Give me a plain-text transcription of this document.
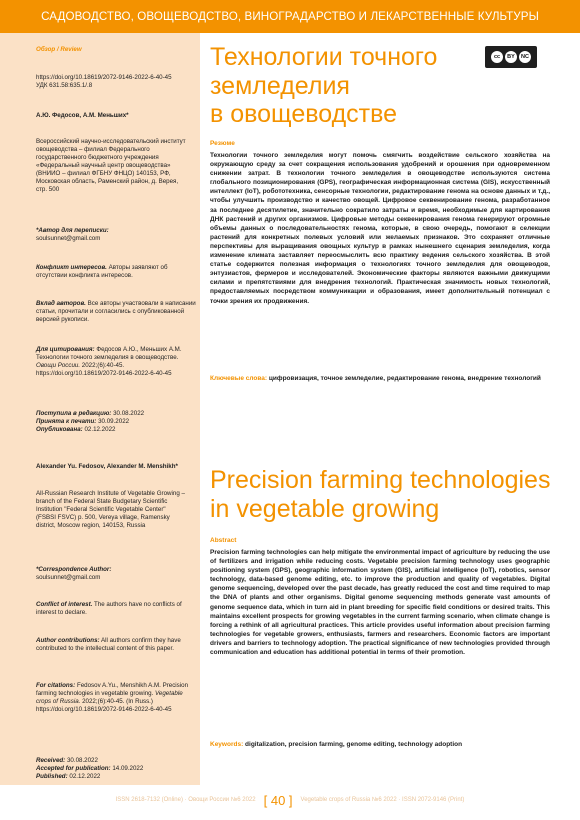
САДОВОДСТВО, ОВОЩЕВОДСТВО, ВИНОГРАДАРСТВО И ЛЕКАРСТВЕННЫЕ КУЛЬТУРЫ
Обзор / Review
https://doi.org/10.18619/2072-9146-2022-6-40-45
УДК 631.58:635.1/.8
А.Ю. Федосов, А.М. Меньших*
Всероссийский научно-исследовательский институт овощеводства – филиал Федерального государственного бюджетного учреждения «Федеральный научный центр овощеводства» (ВНИИО – филиал ФГБНУ ФНЦО) 140153, РФ, Московская область, Раменский район, д. Верея, стр. 500
*Автор для переписки:
soulsunnet@gmail.com
Конфликт интересов. Авторы заявляют об отсутствии конфликта интересов.
Вклад авторов. Все авторы участвовали в написании статьи, прочитали и согласились с опубликованной версией рукописи.
Для цитирования: Федосов А.Ю., Меньших А.М. Технологии точного земледелия в овощеводстве. Овощи России. 2022;(6):40-45. https://doi.org/10.18619/2072-9146-2022-6-40-45
Поступила в редакцию: 30.08.2022
Принята к печати: 30.09.2022
Опубликована: 02.12.2022
Alexander Yu. Fedosov, Alexander M. Menshikh*
All-Russian Research Institute of Vegetable Growing – branch of the Federal State Budgetary Scientific Institution "Federal Scientific Vegetable Center" (FSBSI FSVC) p. 500, Vereya village, Ramensky district, Moscow region, 140153, Russia
*Correspondence Author:
soulsunnet@gmail.com
Conflict of interest. The authors have no conflicts of interest to declare.
Author contributions: All authors confirm they have contributed to the intellectual content of this paper.
For citations: Fedosov A.Yu., Menshikh A.M. Precision farming technologies in vegetable growing. Vegetable crops of Russia. 2022;(6):40-45. (In Russ.) https://doi.org/10.18619/2072-9146-2022-6-40-45
Received: 30.08.2022
Accepted for publication: 14.09.2022
Published: 02.12.2022
Технологии точного
земледелия
в овощеводстве
cc	BY	NC
Резюме
Технологии точного земледелия могут помочь смягчить воздействие сельского хозяйства на окружающую среду за счет сокращения использования удобрений и орошения при одновременном снижении затрат. В технологии точного земледелия в овощеводстве используются система глобального позиционирования (GPS), географическая информационная система (GIS), искусственный интеллект (IoT), робототехника, сенсорные технологии, редактирование генома на основе данных и т.д., чтобы улучшить производство и качество овощей. Цифровое секвенирование генома, разработанное за последнее десятилетие, значительно сократило затраты и время, необходимые для картирования ДНК растений и других организмов. Цифровые методы секвенирования генома генерируют огромные объемы данных о последовательностях генома, которые, в свою очередь, помогают в селекции растений для конкретных полевых условий или желаемых признаков. Это сохраняет отличные перспективы для выращивания овощных культур в рамках нынешнего сценария земледелия, когда изменение климата заставляет переосмыслить всю практику ведения сельского хозяйства. В этой статье содержится полезная информация о технологиях точного земледелия для овощеводов, энтузиастов, фермеров и исследователей. Экономические факторы являются важными движущими силами и препятствиями для внедрения технологий. Практическая значимость новых технологий, предоставляемых посредством коммуникации и образования, имеет дополнительный потенциал с точки зрения их продвижения.
Ключевые слова: цифровизация, точное земледелие, редактирование генома, внедрение технологий
Precision farming technologies
in vegetable growing
Abstract
Precision farming technologies can help mitigate the environmental impact of agriculture by reducing the use of fertilizers and irrigation while reducing costs. Vegetable precision farming technology uses geographic positioning system (GPS), geographic information system (GIS), artificial intelligence (IoT), robotics, sensor technology, data-based genome editing, etc. to improve the production and quality of vegetables. Digital genome sequencing, developed over the past decade, has greatly reduced the cost and time required to map the DNA of plants and other organisms. Digital genome sequencing methods generate vast amounts of genome sequence data, which in turn aid in plant breeding for specific field conditions or desired traits. This maintains excellent prospects for growing vegetables in the current farming scenario, when climate change is forcing a rethink of all agricultural practices. This article provides useful information about precision farming technologies for vegetable growers, enthusiasts, farmers and researchers. Economic factors are important drivers and barriers to technology adoption. The practical significance of new technologies provided through communication and education has additional potential in terms of their promotion.
Keywords: digitalization, precision farming, genome editing, technology adoption
ISSN 2618-7132 (Online) · Овощи России №6 2022 [ 40 ] Vegetable crops of Russia №6 2022 · ISSN 2072-9146 (Print)
